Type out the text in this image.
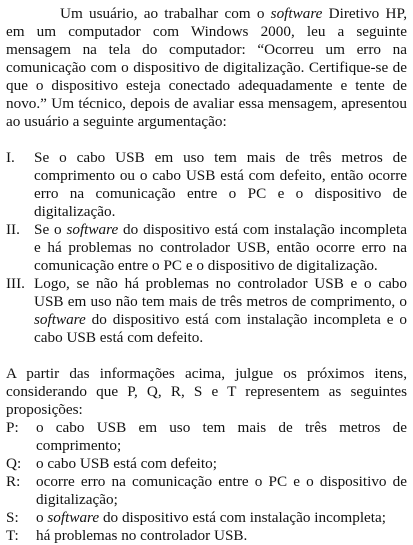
Um usuário, ao trabalhar com o software Diretivo HP, em um computador com Windows 2000, leu a seguinte mensagem na tela do computador: “Ocorreu um erro na comunicação com o dispositivo de digitalização. Certifique-se de que o dispositivo esteja conectado adequadamente e tente de novo.” Um técnico, depois de avaliar essa mensagem, apresentou ao usuário a seguinte argumentação:

I.	Se o cabo USB em uso tem mais de três metros de comprimento ou o cabo USB está com defeito, então ocorre erro na comunicação entre o PC e o dispositivo de digitalização.
II. Se o software do dispositivo está com instalação incompleta e há problemas no controlador USB, então ocorre erro na comunicação entre o PC e o dispositivo de digitalização.
III. Logo, se não há problemas no controlador USB e o cabo USB em uso não tem mais de três metros de comprimento, o software do dispositivo está com instalação incompleta e o cabo USB está com defeito.

A partir das informações acima, julgue os próximos itens, considerando que P, Q, R, S e T representem as seguintes proposições:

P:	o cabo USB em uso tem mais de três metros de comprimento;
Q: o cabo USB está com defeito;
R:	ocorre erro na comunicação entre o PC e o dispositivo de digitalização;
S:	o software do dispositivo está com instalação incompleta;
T:	há problemas no controlador USB.
